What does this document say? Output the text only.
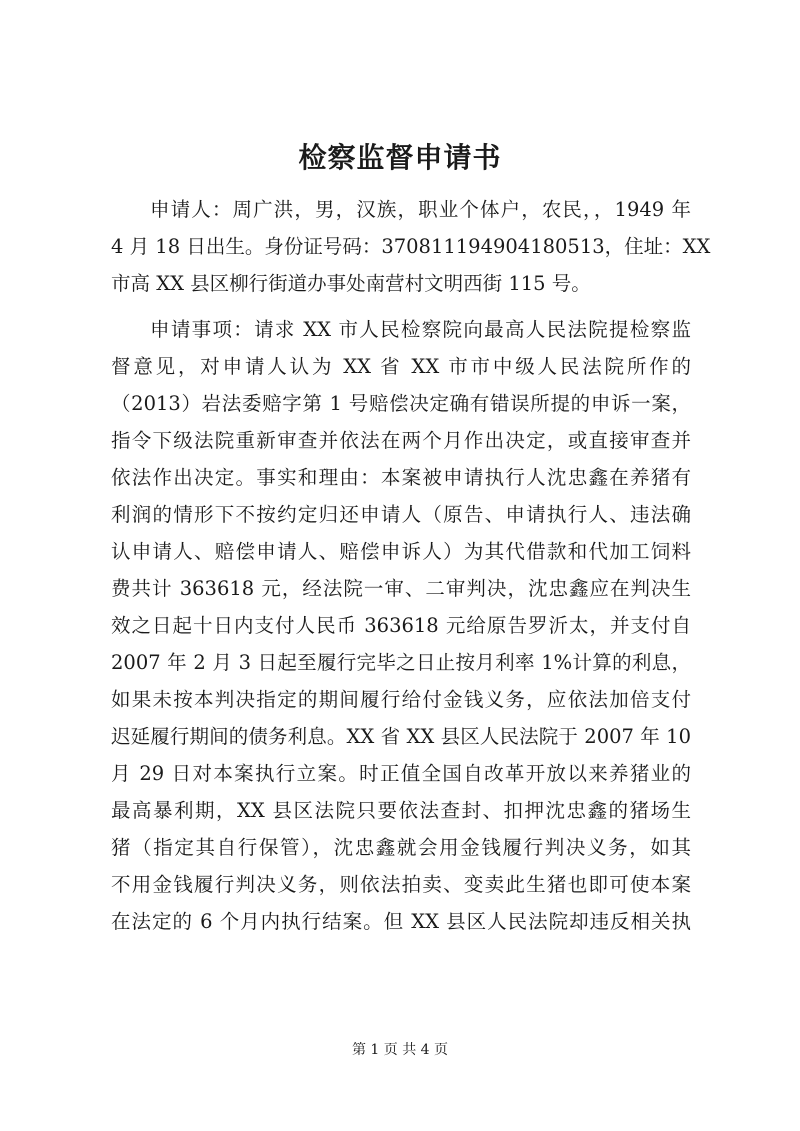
检察监督申请书
申请人：周广洪，男，汉族，职业个体户，农民，，1949 年
4 月 18 日出生。身份证号码：370811194904180513，住址：XX
市高 XX 县区柳行街道办事处南营村文明西街 115 号。
申请事项：请求 XX 市人民检察院向最高人民法院提检察监
督意见，对申请人认为 XX 省 XX 市市中级人民法院所作的
（2013）岩法委赔字第 1 号赔偿决定确有错误所提的申诉一案，
指令下级法院重新审查并依法在两个月作出决定，或直接审查并
依法作出决定。事实和理由：本案被申请执行人沈忠鑫在养猪有
利润的情形下不按约定归还申请人（原告、申请执行人、违法确
认申请人、赔偿申请人、赔偿申诉人）为其代借款和代加工饲料
费共计 363618 元，经法院一审、二审判决，沈忠鑫应在判决生
效之日起十日内支付人民币 363618 元给原告罗沂太，并支付自
2007 年 2 月 3 日起至履行完毕之日止按月利率 1%计算的利息，
如果未按本判决指定的期间履行给付金钱义务，应依法加倍支付
迟延履行期间的债务利息。XX 省 XX 县区人民法院于 2007 年 10
月 29 日对本案执行立案。时正值全国自改革开放以来养猪业的
最高暴利期，XX 县区法院只要依法查封、扣押沈忠鑫的猪场生
猪（指定其自行保管），沈忠鑫就会用金钱履行判决义务，如其
不用金钱履行判决义务，则依法拍卖、变卖此生猪也即可使本案
在法定的 6 个月内执行结案。但 XX 县区人民法院却违反相关执
第 1 页 共 4 页
